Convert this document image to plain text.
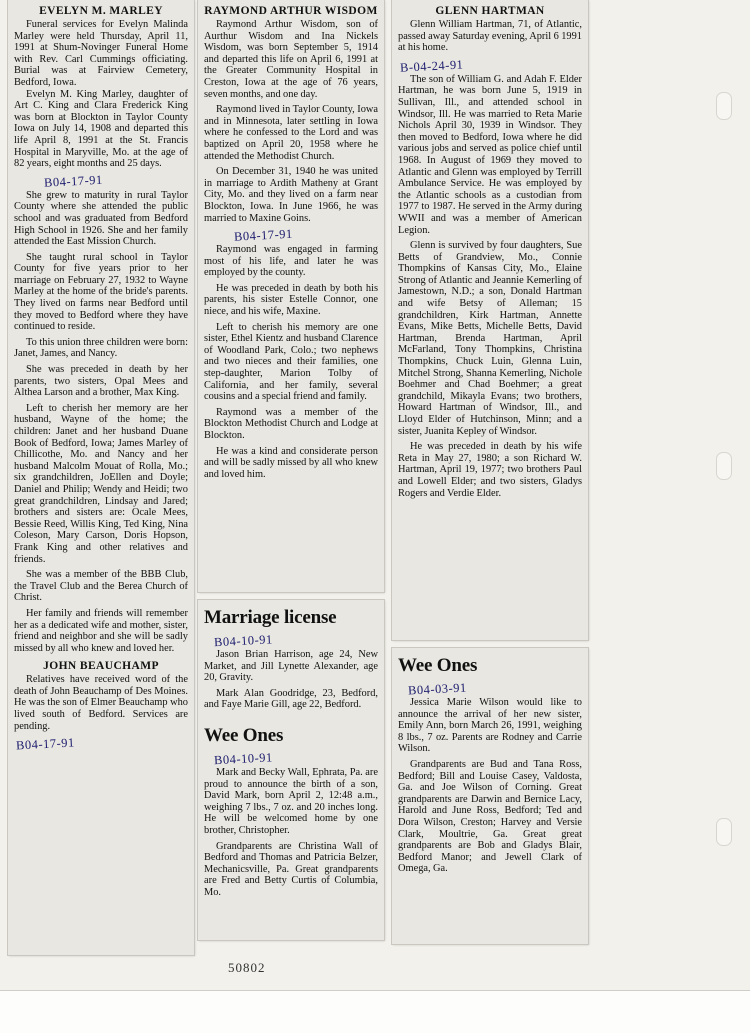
EVELYN M. MARLEY

Funeral services for Evelyn Malinda Marley were held Thursday, April 11, 1991 at Shum-Novinger Funeral Home with Rev. Carl Cummings officiating. Burial was at Fairview Cemetery, Bedford, Iowa.

Evelyn M. King Marley, daughter of Art C. King and Clara Frederick King was born at Blockton in Taylor County Iowa on July 14, 1908 and departed this life April 8, 1991 at the St. Francis Hospital in Maryville, Mo. at the age of 82 years, eight months and 25 days.

B04-17-91

She grew to maturity in rural Taylor County where she attended the public school and was graduated from Bedford High School in 1926. She and her family attended the East Mission Church.

She taught rural school in Taylor County for five years prior to her marriage on February 27, 1932 to Wayne Marley at the home of the bride's parents. They lived on farms near Bedford until they moved to Bedford where they have continued to reside.

To this union three children were born: Janet, James, and Nancy.

She was preceded in death by her parents, two sisters, Opal Mees and Althea Larson and a brother, Max King.

Left to cherish her memory are her husband, Wayne of the home; the children: Janet and her husband Duane Book of Bedford, Iowa; James Marley of Chillicothe, Mo. and Nancy and her husband Malcolm Mouat of Rolla, Mo.; six grandchildren, JoEllen and Doyle; Daniel and Philip; Wendy and Heidi; two great grandchildren, Lindsay and Jared; brothers and sisters are: Ocale Mees, Bessie Reed, Willis King, Ted King, Nina Coleson, Mary Carson, Doris Hopson, Frank King and other relatives and friends.

She was a member of the BBB Club, the Travel Club and the Berea Church of Christ.

Her family and friends will remember her as a dedicated wife and mother, sister, friend and neighbor and she will be sadly missed by all who knew and loved her.

JOHN BEAUCHAMP

Relatives have received word of the death of John Beauchamp of Des Moines. He was the son of Elmer Beauchamp who lived south of Bedford. Services are pending.

B04-17-91
RAYMOND ARTHUR WISDOM

Raymond Arthur Wisdom, son of Aurthur Wisdom and Ina Nickels Wisdom, was born September 5, 1914 and departed this life on April 6, 1991 at the Greater Community Hospital in Creston, Iowa at the age of 76 years, seven months, and one day.

Raymond lived in Taylor County, Iowa and in Minnesota, later settling in Iowa where he confessed to the Lord and was baptized on April 20, 1958 where he attended the Methodist Church.

On December 31, 1940 he was united in marriage to Ardith Matheny at Grant City, Mo. and they lived on a farm near Blockton, Iowa. In June 1966, he was married to Maxine Goins.

B04-17-91

Raymond was engaged in farming most of his life, and later he was employed by the county.

He was preceded in death by both his parents, his sister Estelle Connor, one niece, and his wife, Maxine.

Left to cherish his memory are one sister, Ethel Kientz and husband Clarence of Woodland Park, Colo.; two nephews and two nieces and their families, one step-daughter, Marion Tolby of California, and her family, several cousins and a special friend and family.

Raymond was a member of the Blockton Methodist Church and Lodge at Blockton.

He was a kind and considerate person and will be sadly missed by all who knew and loved him.

Marriage license
B04-10-91

Jason Brian Harrison, age 24, New Market, and Jill Lynette Alexander, age 20, Gravity.

Mark Alan Goodridge, 23, Bedford, and Faye Marie Gill, age 22, Bedford.

Wee Ones
B04-10-91

Mark and Becky Wall, Ephrata, Pa. are proud to announce the birth of a son, David Mark, born April 2, 12:48 a.m., weighing 7 lbs., 7 oz. and 20 inches long. He will be welcomed home by one brother, Christopher.

Grandparents are Christina Wall of Bedford and Thomas and Patricia Belzer, Mechanicsville, Pa. Great grandparents are Fred and Betty Curtis of Columbia, Mo.

GLENN HARTMAN

Glenn William Hartman, 71, of Atlantic, passed away Saturday evening, April 6 1991 at his home.

B-04-24-91

The son of William G. and Adah F. Elder Hartman, he was born June 5, 1919 in Sullivan, Ill., and attended school in Windsor, Ill. He was married to Reta Marie Nichols April 30, 1939 in Windsor. They then moved to Bedford, Iowa where he did various jobs and served as police chief until 1968. In August of 1969 they moved to Atlantic and Glenn was employed by Terrill Ambulance Service. He was employed by the Atlantic schools as a custodian from 1977 to 1987. He served in the Army during WWII and was a member of American Legion.

Glenn is survived by four daughters, Sue Betts of Grandview, Mo., Connie Thompkins of Kansas City, Mo., Elaine Strong of Atlantic and Jeannie Kemerling of Jamestown, N.D.; a son, Donald Hartman and wife Betsy of Alleman; 15 grandchildren, Kirk Hartman, Annette Evans, Mike Betts, Michelle Betts, David Hartman, Brenda Hartman, April McFarland, Tony Thompkins, Christina Thompkins, Chuck Luin, Glenna Luin, Mitchel Strong, Shanna Kemerling, Nichole Boehmer and Chad Boehmer; a great grandchild, Mikayla Evans; two brothers, Howard Hartman of Windsor, Ill., and Lloyd Elder of Hutchinson, Minn; and a sister, Juanita Kepley of Windsor.

He was preceded in death by his wife Reta in May 27, 1980; a son Richard W. Hartman, April 19, 1977; two brothers Paul and Lowell Elder; and two sisters, Gladys Rogers and Verdie Elder.

Wee Ones
B04-03-91

Jessica Marie Wilson would like to announce the arrival of her new sister, Emily Ann, born March 26, 1991, weighing 8 lbs., 7 oz. Parents are Rodney and Carrie Wilson.

Grandparents are Bud and Tana Ross, Bedford; Bill and Louise Casey, Valdosta, Ga. and Joe Wilson of Corning. Great grandparents are Darwin and Bernice Lacy, Harold and June Ross, Bedford; Ted and Dora Wilson, Creston; Harvey and Versie Clark, Moultrie, Ga. Great great grandparents are Bob and Gladys Blair, Bedford Manor; and Jewell Clark of Omega, Ga.

50802
